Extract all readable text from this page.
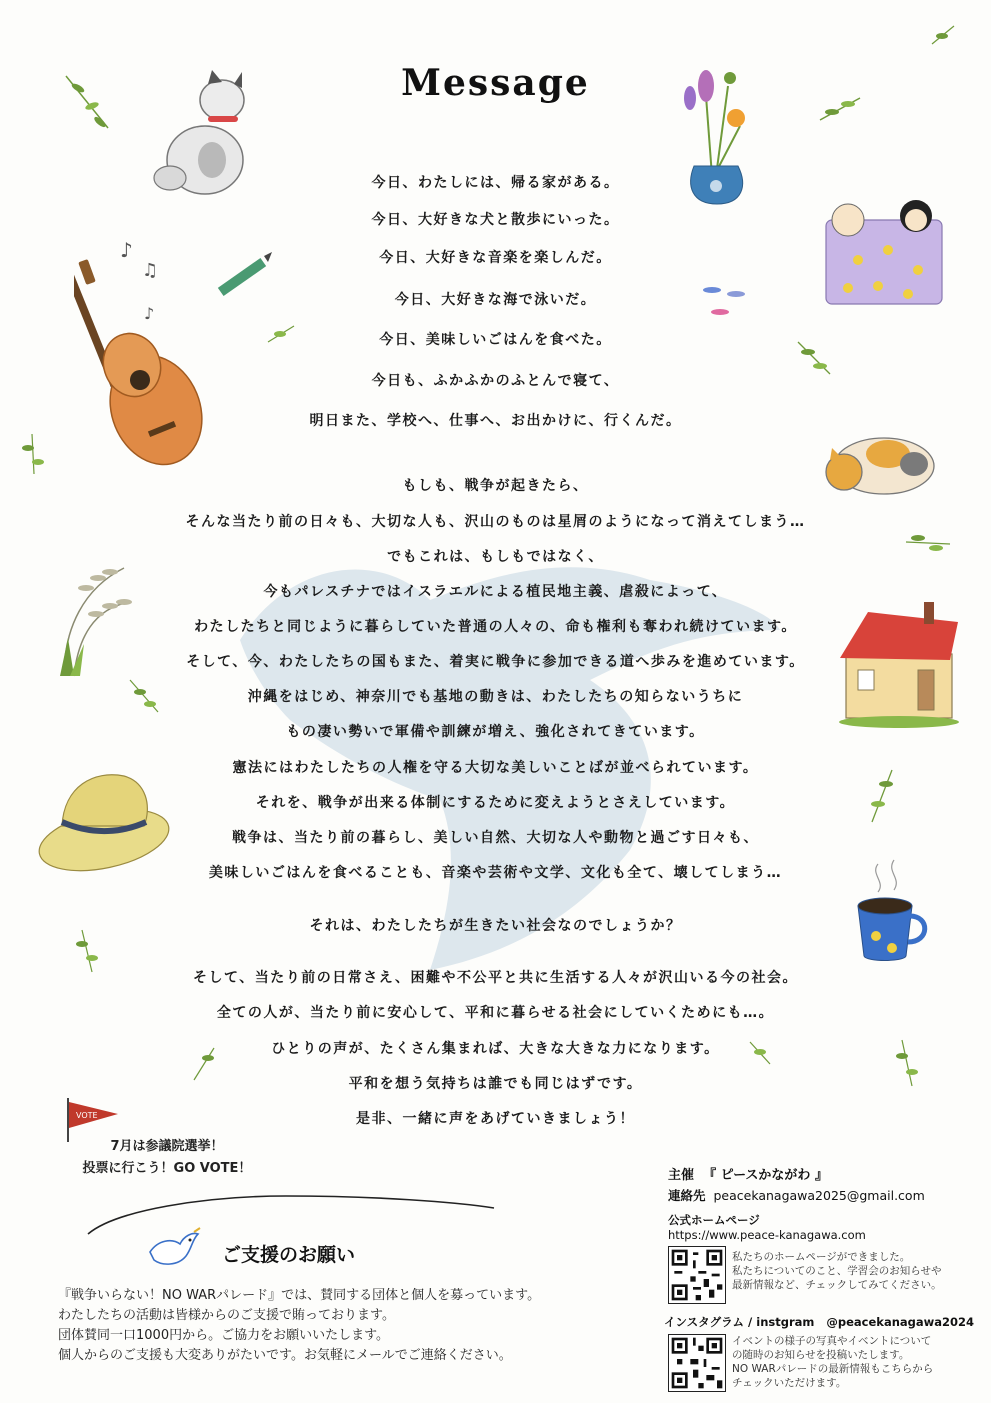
Message
今日、わたしには、帰る家がある。
今日、大好きな犬と散歩にいった。
今日、大好きな音楽を楽しんだ。
今日、大好きな海で泳いだ。
今日、美味しいごはんを食べた。
今日も、ふかふかのふとんで寝て、
明日また、学校へ、仕事へ、お出かけに、行くんだ。
もしも、戦争が起きたら、
そんな当たり前の日々も、大切な人も、沢山のものは星屑のようになって消えてしまう…
でもこれは、もしもではなく、
今もパレスチナではイスラエルによる植民地主義、虐殺によって、
わたしたちと同じように暮らしていた普通の人々の、命も権利も奪われ続けています。
そして、今、わたしたちの国もまた、着実に戦争に参加できる道へ歩みを進めています。
沖縄をはじめ、神奈川でも基地の動きは、わたしたちの知らないうちに
もの凄い勢いで軍備や訓練が増え、強化されてきています。
憲法にはわたしたちの人権を守る大切な美しいことばが並べられています。
それを、戦争が出来る体制にするために変えようとさえしています。
戦争は、当たり前の暮らし、美しい自然、大切な人や動物と過ごす日々も、
美味しいごはんを食べることも、音楽や芸術や文学、文化も全て、壊してしまう…
それは、わたしたちが生きたい社会なのでしょうか？
そして、当たり前の日常さえ、困難や不公平と共に生活する人々が沢山いる今の社会。
全ての人が、当たり前に安心して、平和に暮らせる社会にしていくためにも…。
ひとりの声が、たくさん集まれば、大きな大きな力になります。
平和を想う気持ちは誰でも同じはずです。
是非、一緒に声をあげていきましょう！
♪
♫
♪
VOTE
7月は参議院選挙！
投票に行こう！GO VOTE！
ご支援のお願い
『戦争いらない！NO WARパレード』では、賛同する団体と個人を募っています。
わたしたちの活動は皆様からのご支援で賄っております。
団体賛同一口1000円から。ご協力をお願いいたします。
個人からのご支援も大変ありがたいです。お気軽にメールでご連絡ください。
主催 『 ピースかながわ 』
連絡先 peacekanagawa2025@gmail.com
公式ホームページ
https://www.peace-kanagawa.com
私たちのホームページができました。
私たちについてのこと、学習会のお知らせや
最新情報など、チェックしてみてください。
インスタグラム / instgram @peacekanagawa2024
イベントの様子の写真やイベントについて
の随時のお知らせを投稿いたします。
NO WARパレードの最新情報もこちらから
チェックいただけます。
